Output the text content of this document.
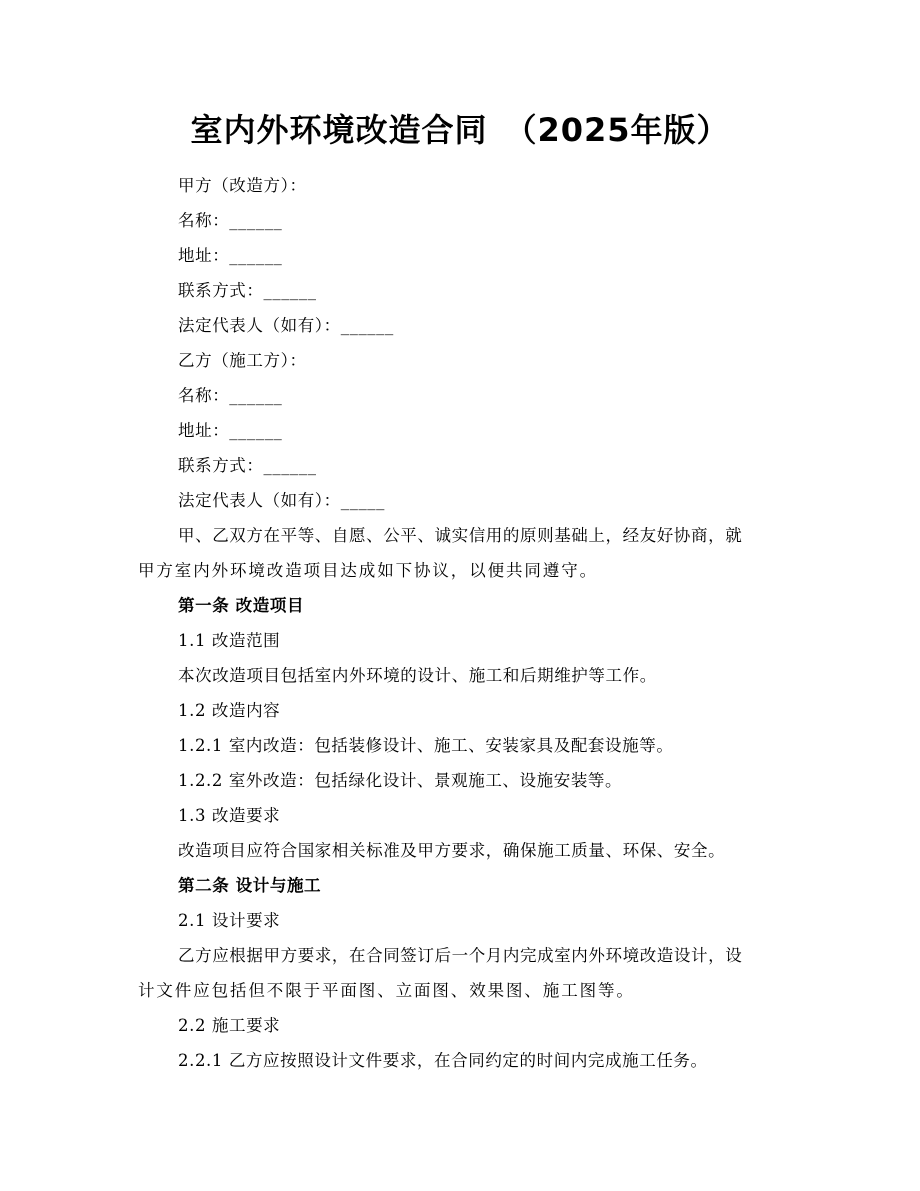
室内外环境改造合同　（2025年版）
甲方（改造方）：
名称：______
地址：______
联系方式：______
法定代表人（如有）：______
乙方（施工方）：
名称：______
地址：______
联系方式：______
法定代表人（如有）：_____
甲、乙双方在平等、自愿、公平、诚实信用的原则基础上，经友好协商，就
甲方室内外环境改造项目达成如下协议，以便共同遵守。
第一条 改造项目
1.1 改造范围
本次改造项目包括室内外环境的设计、施工和后期维护等工作。
1.2 改造内容
1.2.1 室内改造：包括装修设计、施工、安装家具及配套设施等。
1.2.2 室外改造：包括绿化设计、景观施工、设施安装等。
1.3 改造要求
改造项目应符合国家相关标准及甲方要求，确保施工质量、环保、安全。
第二条 设计与施工
2.1 设计要求
乙方应根据甲方要求，在合同签订后一个月内完成室内外环境改造设计，设
计文件应包括但不限于平面图、立面图、效果图、施工图等。
2.2 施工要求
2.2.1 乙方应按照设计文件要求，在合同约定的时间内完成施工任务。
